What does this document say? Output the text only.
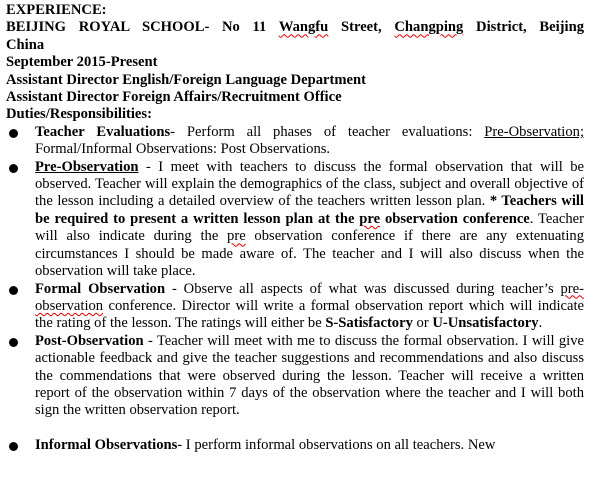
EXPERIENCE:

BEIJING ROYAL SCHOOL- No 11 Wangfu Street, Changping District, Beijing

China

September 2015-Present

Assistant Director English/Foreign Language Department

Assistant Director Foreign Affairs/Recruitment Office

Duties/Responsibilities:

Teacher Evaluations- Perform all phases of teacher evaluations: Pre-Observation; Formal/Informal Observations: Post Observations.
Pre-Observation - I meet with teachers to discuss the formal observation that will be observed. Teacher will explain the demographics of the class, subject and overall objective of the lesson including a detailed overview of the teachers written lesson plan. * Teachers will be required to present a written lesson plan at the pre observation conference. Teacher will also indicate during the pre observation conference if there are any extenuating circumstances I should be made aware of. The teacher and I will also discuss when the observation will take place.
Formal Observation - Observe all aspects of what was discussed during teacher’s pre-observation conference. Director will write a formal observation report which will indicate the rating of the lesson. The ratings will either be S-Satisfactory or U-Unsatisfactory.
Post-Observation - Teacher will meet with me to discuss the formal observation. I will give actionable feedback and give the teacher suggestions and recommendations and also discuss the commendations that were observed during the lesson. Teacher will receive a written report of the observation within 7 days of the observation where the teacher and I will both sign the written observation report.
Informal Observations- I perform informal observations on all teachers. New
